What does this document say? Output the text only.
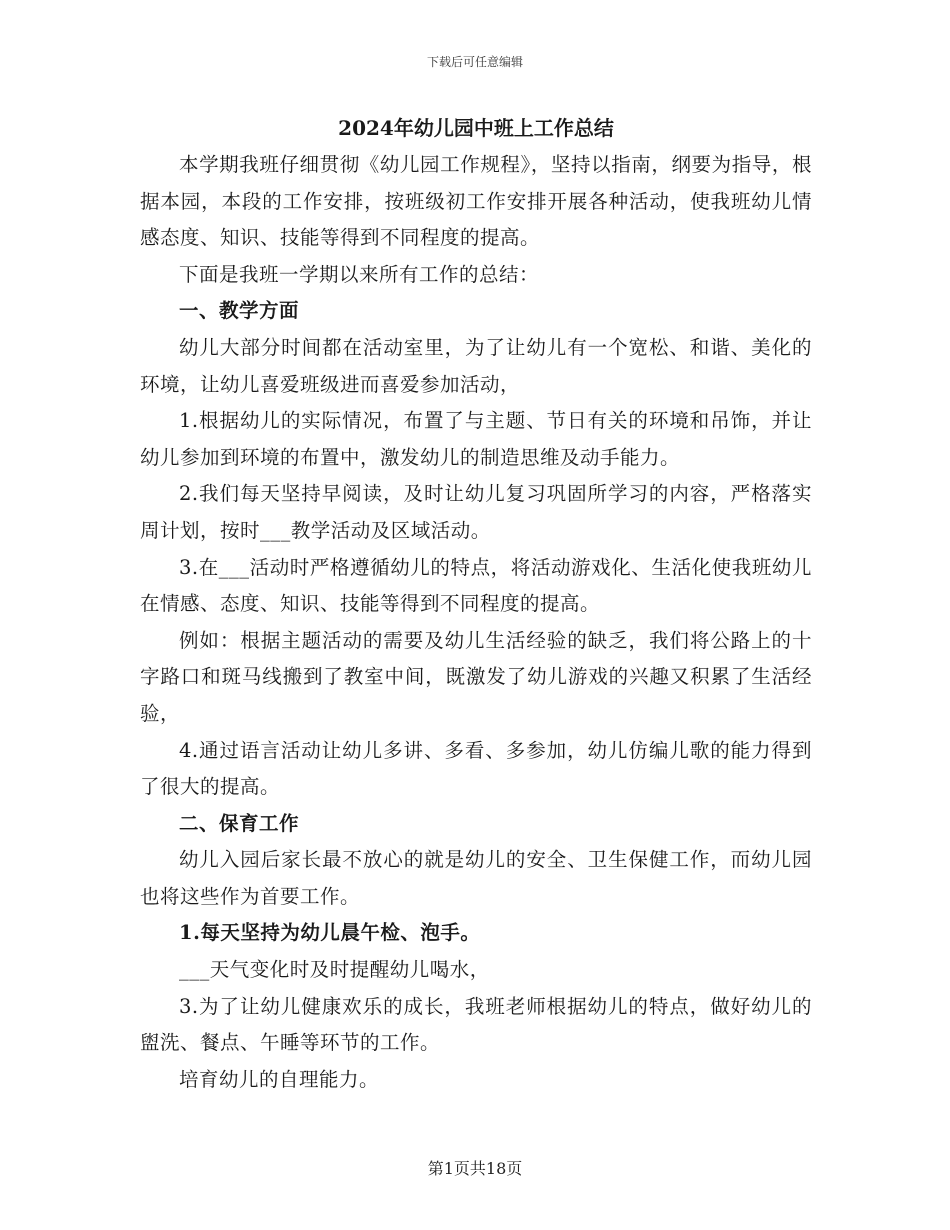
下载后可任意编辑
2024年幼儿园中班上工作总结

本学期我班仔细贯彻《幼儿园工作规程》，坚持以指南，纲要为指导，根据本园，本段的工作安排，按班级初工作安排开展各种活动，使我班幼儿情感态度、知识、技能等得到不同程度的提高。

下面是我班一学期以来所有工作的总结：

一、教学方面

幼儿大部分时间都在活动室里，为了让幼儿有一个宽松、和谐、美化的环境，让幼儿喜爱班级进而喜爱参加活动，

1.根据幼儿的实际情况，布置了与主题、节日有关的环境和吊饰，并让幼儿参加到环境的布置中，激发幼儿的制造思维及动手能力。

2.我们每天坚持早阅读，及时让幼儿复习巩固所学习的内容，严格落实周计划，按时___教学活动及区域活动。

3.在___活动时严格遵循幼儿的特点，将活动游戏化、生活化使我班幼儿在情感、态度、知识、技能等得到不同程度的提高。

例如：根据主题活动的需要及幼儿生活经验的缺乏，我们将公路上的十字路口和斑马线搬到了教室中间，既激发了幼儿游戏的兴趣又积累了生活经验，

4.通过语言活动让幼儿多讲、多看、多参加，幼儿仿编儿歌的能力得到了很大的提高。

二、保育工作

幼儿入园后家长最不放心的就是幼儿的安全、卫生保健工作，而幼儿园也将这些作为首要工作。

1.每天坚持为幼儿晨午检、泡手。

___天气变化时及时提醒幼儿喝水，

3.为了让幼儿健康欢乐的成长，我班老师根据幼儿的特点，做好幼儿的盥洗、餐点、午睡等环节的工作。

培育幼儿的自理能力。

第1页共18页
